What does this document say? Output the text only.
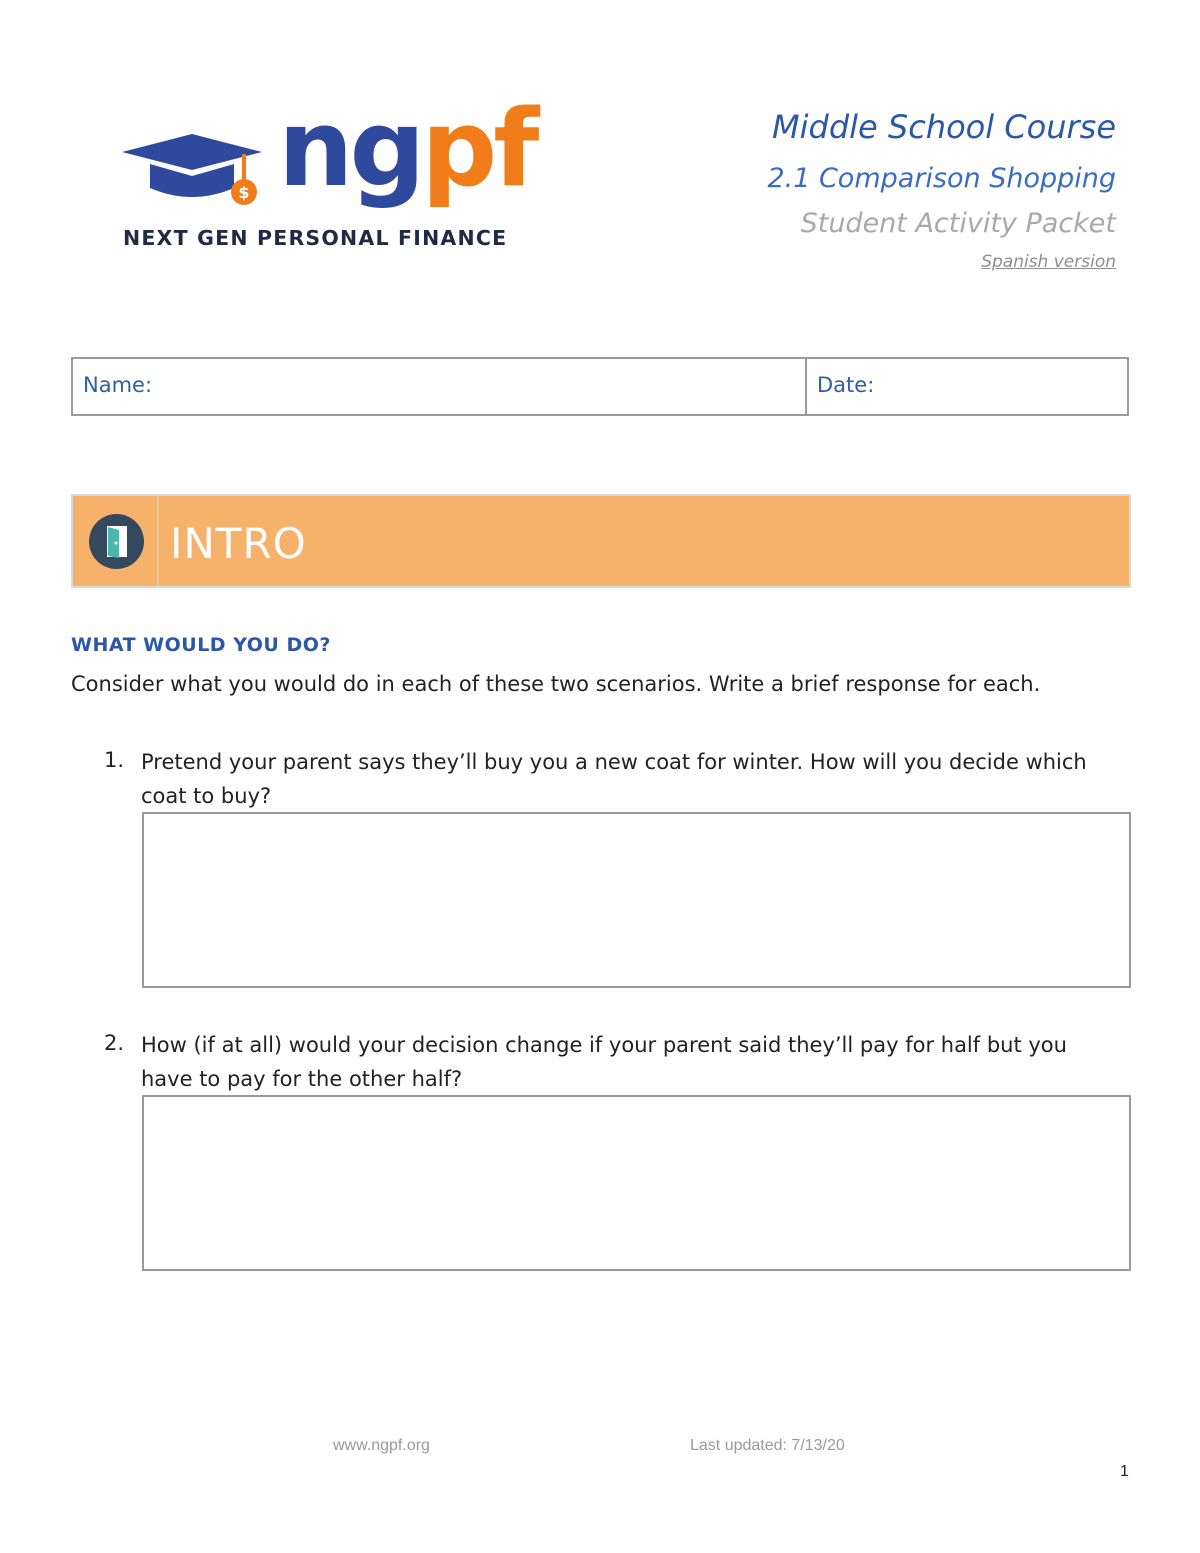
$ ngpf
NEXT GEN PERSONAL FINANCE
Middle School Course
2.1 Comparison Shopping
Student Activity Packet
Spanish version
Name:	Date:
INTRO
WHAT WOULD YOU DO?
Consider what you would do in each of these two scenarios. Write a brief response for each.
1. Pretend your parent says they’ll buy you a new coat for winter. How will you decide which coat to buy?
2. How (if at all) would your decision change if your parent said they’ll pay for half but you have to pay for the other half?
www.ngpf.org	Last updated: 7/13/20
1
